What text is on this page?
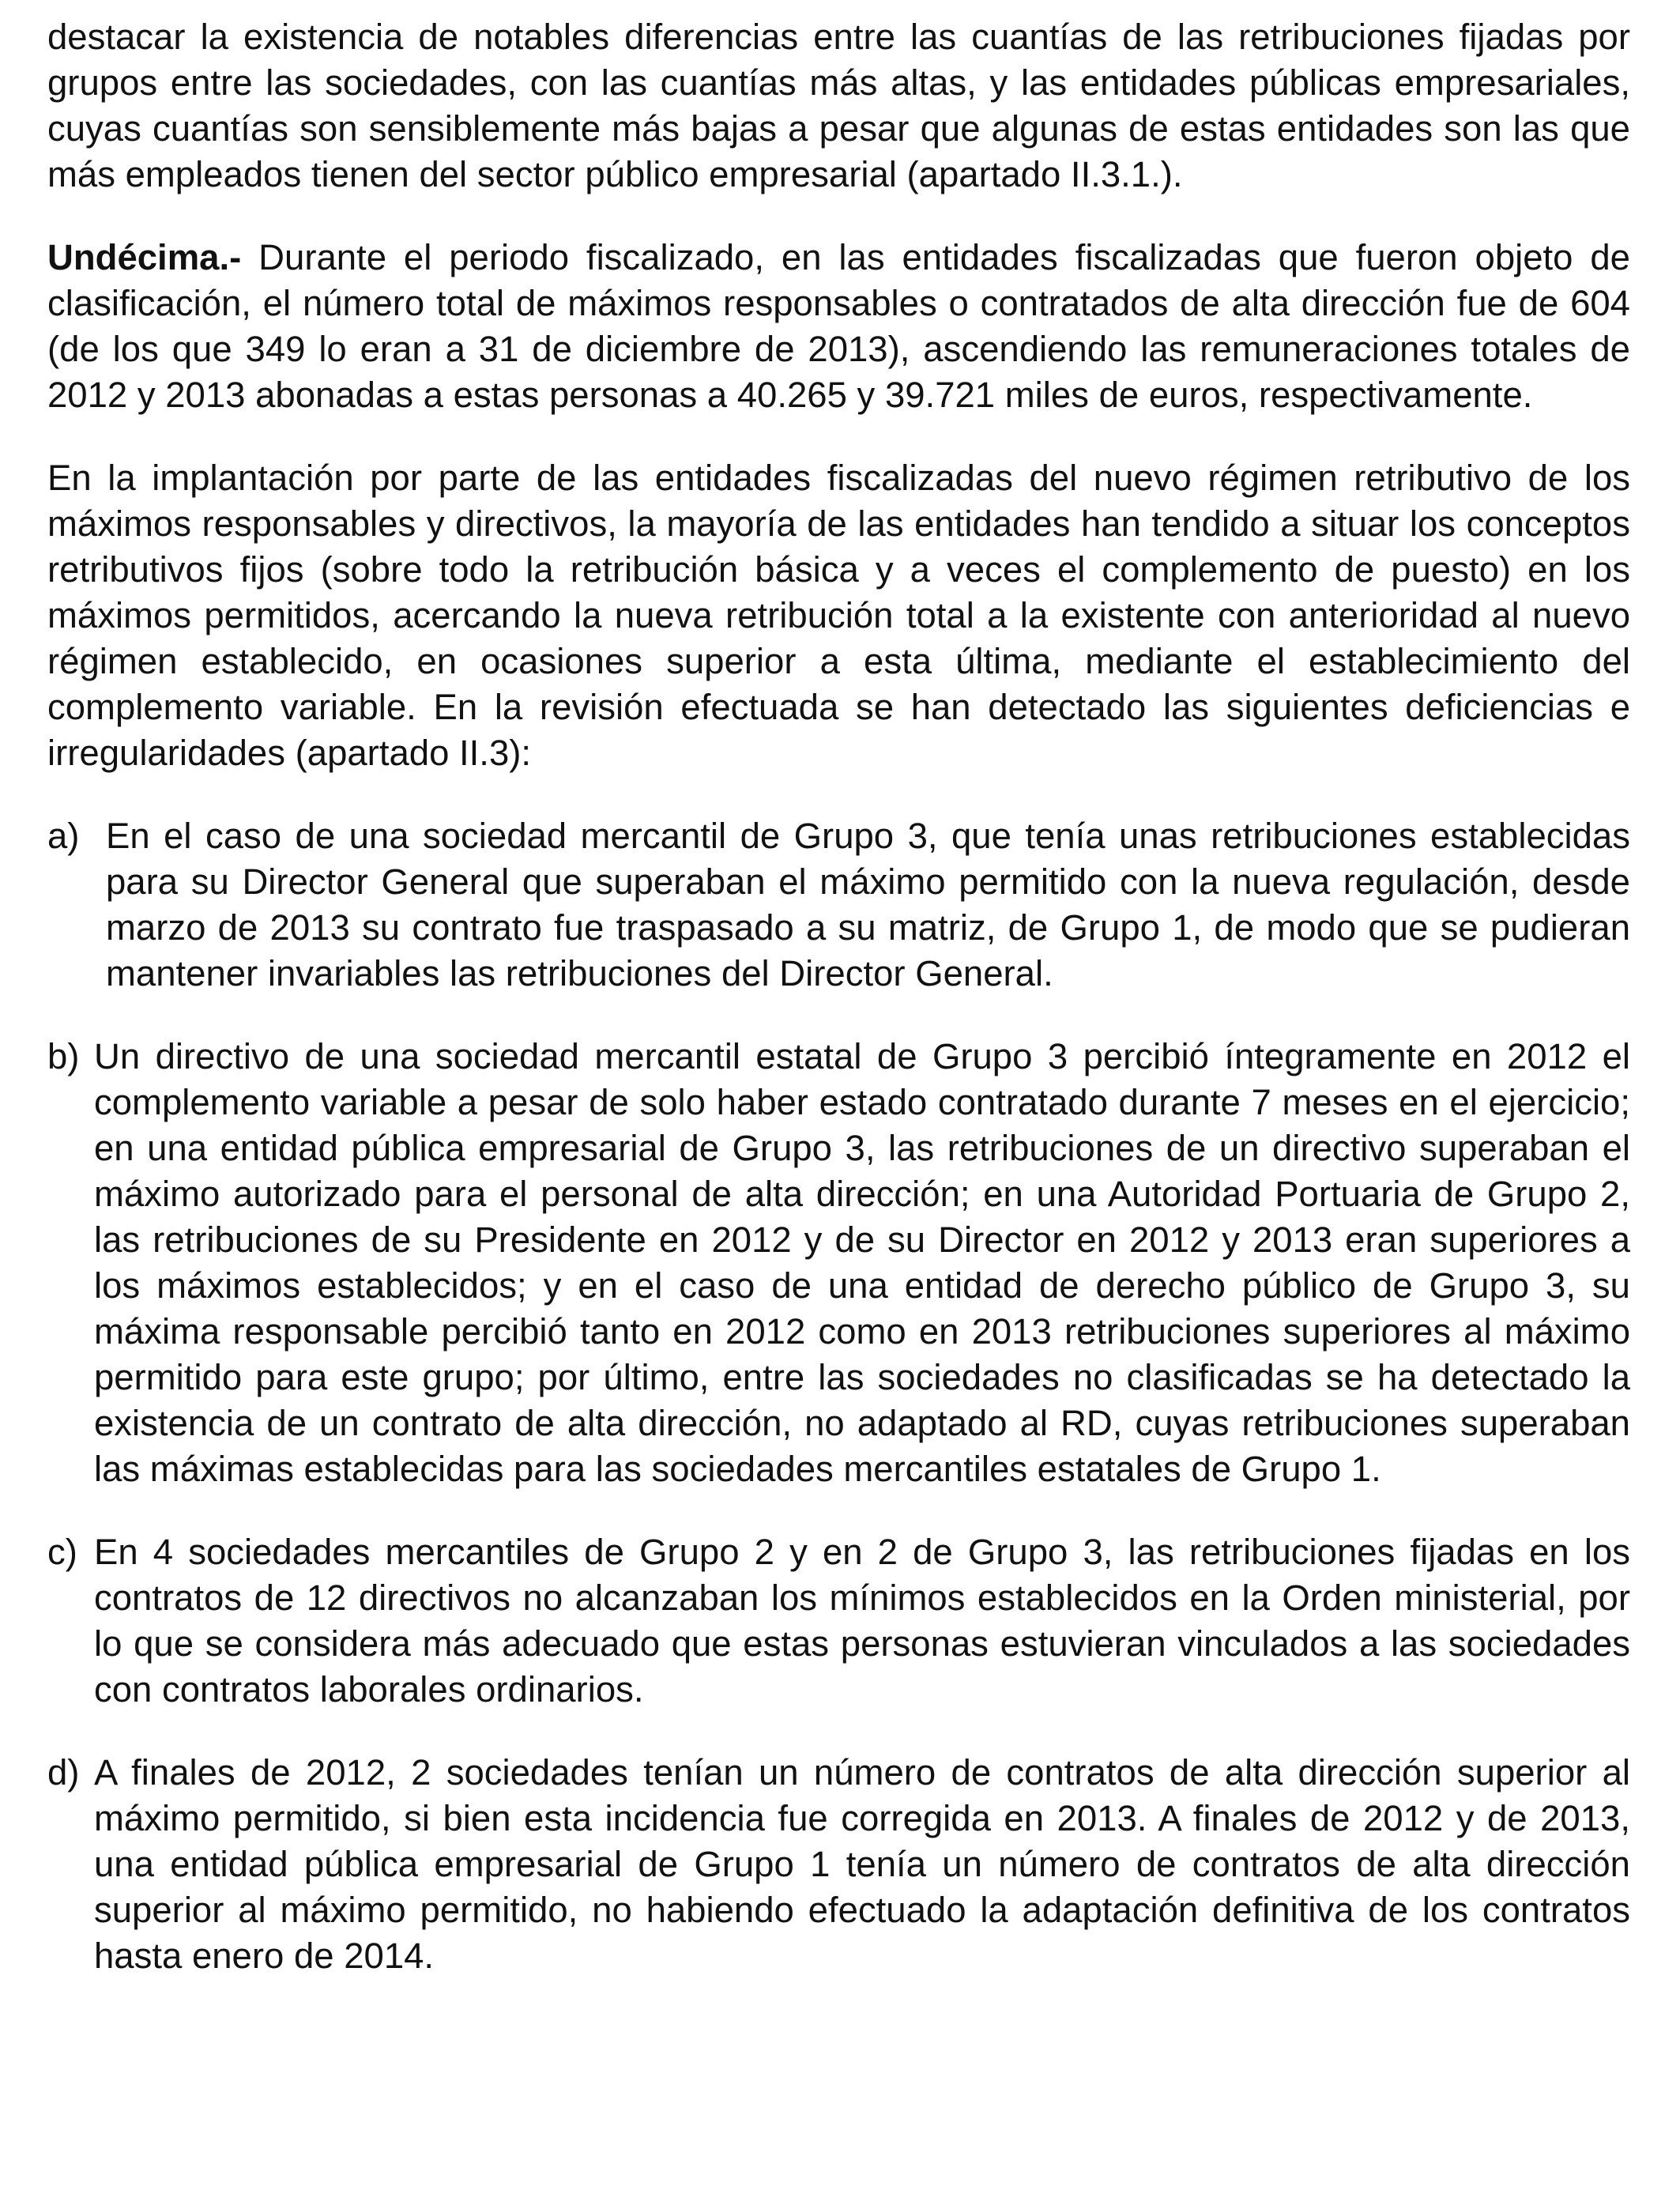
destacar la existencia de notables diferencias entre las cuantías de las retribuciones fijadas por grupos entre las sociedades, con las cuantías más altas, y las entidades públicas empresariales, cuyas cuantías son sensiblemente más bajas a pesar que algunas de estas entidades son las que más empleados tienen del sector público empresarial (apartado II.3.1.).

Undécima.- Durante el periodo fiscalizado, en las entidades fiscalizadas que fueron objeto de clasificación, el número total de máximos responsables o contratados de alta dirección fue de 604 (de los que 349 lo eran a 31 de diciembre de 2013), ascendiendo las remuneraciones totales de 2012 y 2013 abonadas a estas personas a 40.265 y 39.721 miles de euros, respectivamente.

En la implantación por parte de las entidades fiscalizadas del nuevo régimen retributivo de los máximos responsables y directivos, la mayoría de las entidades han tendido a situar los conceptos retributivos fijos (sobre todo la retribución básica y a veces el complemento de puesto) en los máximos permitidos, acercando la nueva retribución total a la existente con anterioridad al nuevo régimen establecido, en ocasiones superior a esta última, mediante el establecimiento del complemento variable. En la revisión efectuada se han detectado las siguientes deficiencias e irregularidades (apartado II.3):

a) En el caso de una sociedad mercantil de Grupo 3, que tenía unas retribuciones establecidas para su Director General que superaban el máximo permitido con la nueva regulación, desde marzo de 2013 su contrato fue traspasado a su matriz, de Grupo 1, de modo que se pudieran mantener invariables las retribuciones del Director General.
b) Un directivo de una sociedad mercantil estatal de Grupo 3 percibió íntegramente en 2012 el complemento variable a pesar de solo haber estado contratado durante 7 meses en el ejercicio; en una entidad pública empresarial de Grupo 3, las retribuciones de un directivo superaban el máximo autorizado para el personal de alta dirección; en una Autoridad Portuaria de Grupo 2, las retribuciones de su Presidente en 2012 y de su Director en 2012 y 2013 eran superiores a los máximos establecidos; y en el caso de una entidad de derecho público de Grupo 3, su máxima responsable percibió tanto en 2012 como en 2013 retribuciones superiores al máximo permitido para este grupo; por último, entre las sociedades no clasificadas se ha detectado la existencia de un contrato de alta dirección, no adaptado al RD, cuyas retribuciones superaban las máximas establecidas para las sociedades mercantiles estatales de Grupo 1.
c) En 4 sociedades mercantiles de Grupo 2 y en 2 de Grupo 3, las retribuciones fijadas en los contratos de 12 directivos no alcanzaban los mínimos establecidos en la Orden ministerial, por lo que se considera más adecuado que estas personas estuvieran vinculados a las sociedades con contratos laborales ordinarios.
d) A finales de 2012, 2 sociedades tenían un número de contratos de alta dirección superior al máximo permitido, si bien esta incidencia fue corregida en 2013. A finales de 2012 y de 2013, una entidad pública empresarial de Grupo 1 tenía un número de contratos de alta dirección superior al máximo permitido, no habiendo efectuado la adaptación definitiva de los contratos hasta enero de 2014.
